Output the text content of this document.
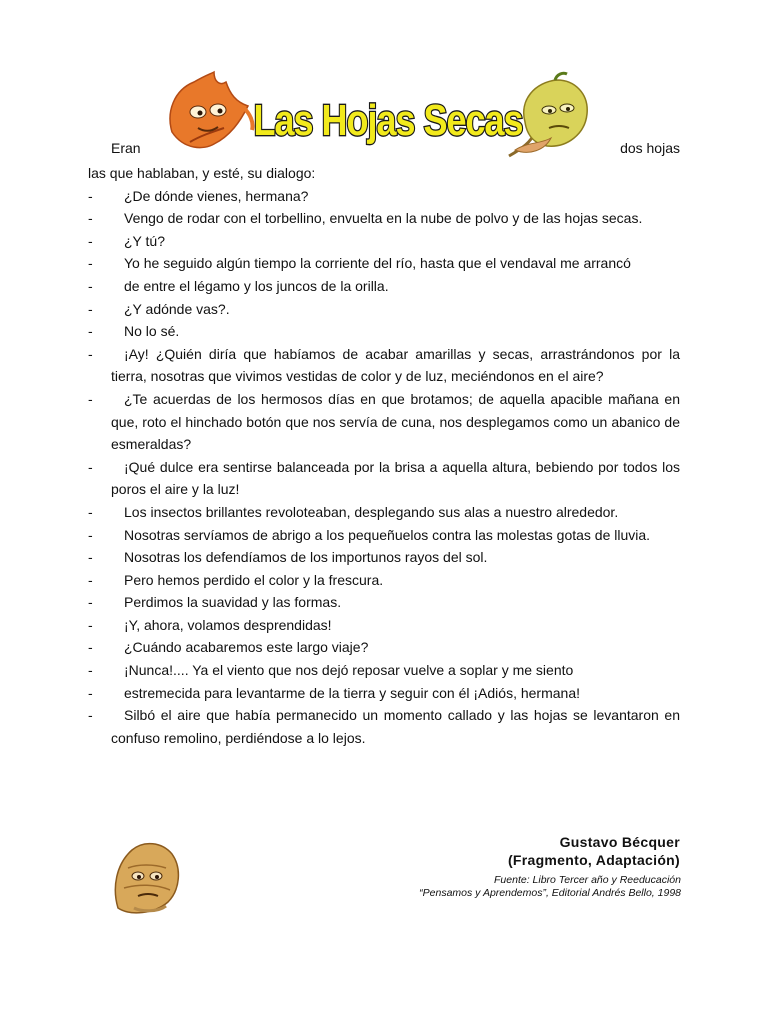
Las Hojas Secas
Eran	dos hojas

las que hablaban, y esté, su dialogo:

-	¿De dónde vienes, hermana?
-	Vengo de rodar con el torbellino, envuelta en la nube de polvo y de las hojas secas.
-	¿Y tú?
-	Yo he seguido algún tiempo la corriente del río, hasta que el vendaval me arrancó
-	de entre el légamo y los juncos de la orilla.
-	¿Y adónde vas?.
-	No lo sé.
-	¡Ay! ¿Quién diría que habíamos de acabar amarillas y secas, arrastrándonos por la tierra, nosotras que vivimos vestidas de color y de luz, meciéndonos en el aire?
-	¿Te acuerdas de los hermosos días en que brotamos; de aquella apacible mañana en que, roto el hinchado botón que nos servía de cuna, nos desplegamos como un abanico de esmeraldas?
-	¡Qué dulce era sentirse balanceada por la brisa a aquella altura, bebiendo por todos los poros el aire y la luz!
-	Los insectos brillantes revoloteaban, desplegando sus alas a nuestro alrededor.
-	Nosotras servíamos de abrigo a los pequeñuelos contra las molestas gotas de lluvia.
-	Nosotras los defendíamos de los importunos rayos del sol.
-	Pero hemos perdido el color y la frescura.
-	Perdimos la suavidad y las formas.
-	¡Y, ahora, volamos desprendidas!
-	¿Cuándo acabaremos este largo viaje?
-	¡Nunca!.... Ya el viento que nos dejó reposar vuelve a soplar y me siento
-	estremecida para levantarme de la tierra y seguir con él ¡Adiós, hermana!
-	Silbó el aire que había permanecido un momento callado y las hojas se levantaron en confuso remolino, perdiéndose a lo lejos.
Gustavo Bécquer
(Fragmento, Adaptación)
Fuente: Libro Tercer año y Reeducación
“Pensamos y Aprendemos”, Editorial Andrés Bello, 1998
